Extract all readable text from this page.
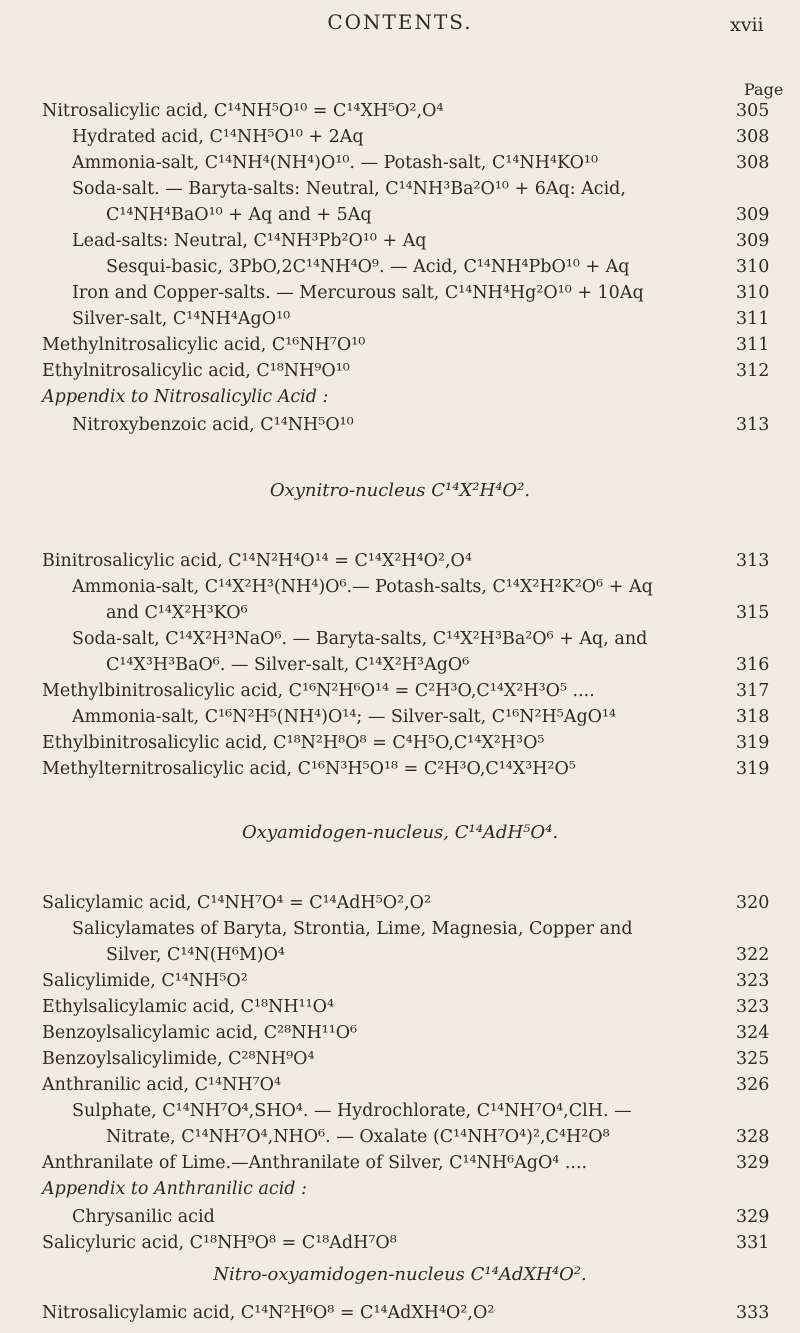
CONTENTS.	xvii
Page
Nitrosalicylic acid, C¹⁴NH⁵O¹⁰ = C¹⁴XH⁵O²,O⁴	305
Hydrated acid, C¹⁴NH⁵O¹⁰ + 2Aq	308
Ammonia-salt, C¹⁴NH⁴(NH⁴)O¹⁰. — Potash-salt, C¹⁴NH⁴KO¹⁰	308
Soda-salt. — Baryta-salts: Neutral, C¹⁴NH³Ba²O¹⁰ + 6Aq: Acid,
C¹⁴NH⁴BaO¹⁰ + Aq and + 5Aq	309
Lead-salts: Neutral, C¹⁴NH³Pb²O¹⁰ + Aq	309
Sesqui-basic, 3PbO,2C¹⁴NH⁴O⁹. — Acid, C¹⁴NH⁴PbO¹⁰ + Aq	310
Iron and Copper-salts. — Mercurous salt, C¹⁴NH⁴Hg²O¹⁰ + 10Aq	310
Silver-salt, C¹⁴NH⁴AgO¹⁰	311
Methylnitrosalicylic acid, C¹⁶NH⁷O¹⁰	311
Ethylnitrosalicylic acid, C¹⁸NH⁹O¹⁰	312
Appendix to Nitrosalicylic Acid :
Nitroxybenzoic acid, C¹⁴NH⁵O¹⁰	313
Oxynitro-nucleus C¹⁴X²H⁴O².
Binitrosalicylic acid, C¹⁴N²H⁴O¹⁴ = C¹⁴X²H⁴O²,O⁴	313
Ammonia-salt, C¹⁴X²H³(NH⁴)O⁶.— Potash-salts, C¹⁴X²H²K²O⁶ + Aq
and C¹⁴X²H³KO⁶	315
Soda-salt, C¹⁴X²H³NaO⁶. — Baryta-salts, C¹⁴X²H³Ba²O⁶ + Aq, and
C¹⁴X³H³BaO⁶. — Silver-salt, C¹⁴X²H³AgO⁶	316
Methylbinitrosalicylic acid, C¹⁶N²H⁶O¹⁴ = C²H³O,C¹⁴X²H³O⁵ ....	317
Ammonia-salt, C¹⁶N²H⁵(NH⁴)O¹⁴; — Silver-salt, C¹⁶N²H⁵AgO¹⁴	318
Ethylbinitrosalicylic acid, C¹⁸N²H⁸O⁸ = C⁴H⁵O,C¹⁴X²H³O⁵	319
Methylternitrosalicylic acid, C¹⁶N³H⁵O¹⁸ = C²H³O,C¹⁴X³H²O⁵	319
Oxyamidogen-nucleus, C¹⁴AdH⁵O⁴.
Salicylamic acid, C¹⁴NH⁷O⁴ = C¹⁴AdH⁵O²,O²	320
Salicylamates of Baryta, Strontia, Lime, Magnesia, Copper and
Silver, C¹⁴N(H⁶M)O⁴	322
Salicylimide, C¹⁴NH⁵O²	323
Ethylsalicylamic acid, C¹⁸NH¹¹O⁴	323
Benzoylsalicylamic acid, C²⁸NH¹¹O⁶	324
Benzoylsalicylimide, C²⁸NH⁹O⁴	325
Anthranilic acid, C¹⁴NH⁷O⁴	326
Sulphate, C¹⁴NH⁷O⁴,SHO⁴. — Hydrochlorate, C¹⁴NH⁷O⁴,ClH. —
Nitrate, C¹⁴NH⁷O⁴,NHO⁶. — Oxalate (C¹⁴NH⁷O⁴)²,C⁴H²O⁸	328
Anthranilate of Lime.—Anthranilate of Silver, C¹⁴NH⁶AgO⁴ ....	329
Appendix to Anthranilic acid :
Chrysanilic acid	329
Salicyluric acid, C¹⁸NH⁹O⁸ = C¹⁸AdH⁷O⁸	331
Nitro-oxyamidogen-nucleus C¹⁴AdXH⁴O².
Nitrosalicylamic acid, C¹⁴N²H⁶O⁸ = C¹⁴AdXH⁴O²,O²	333
